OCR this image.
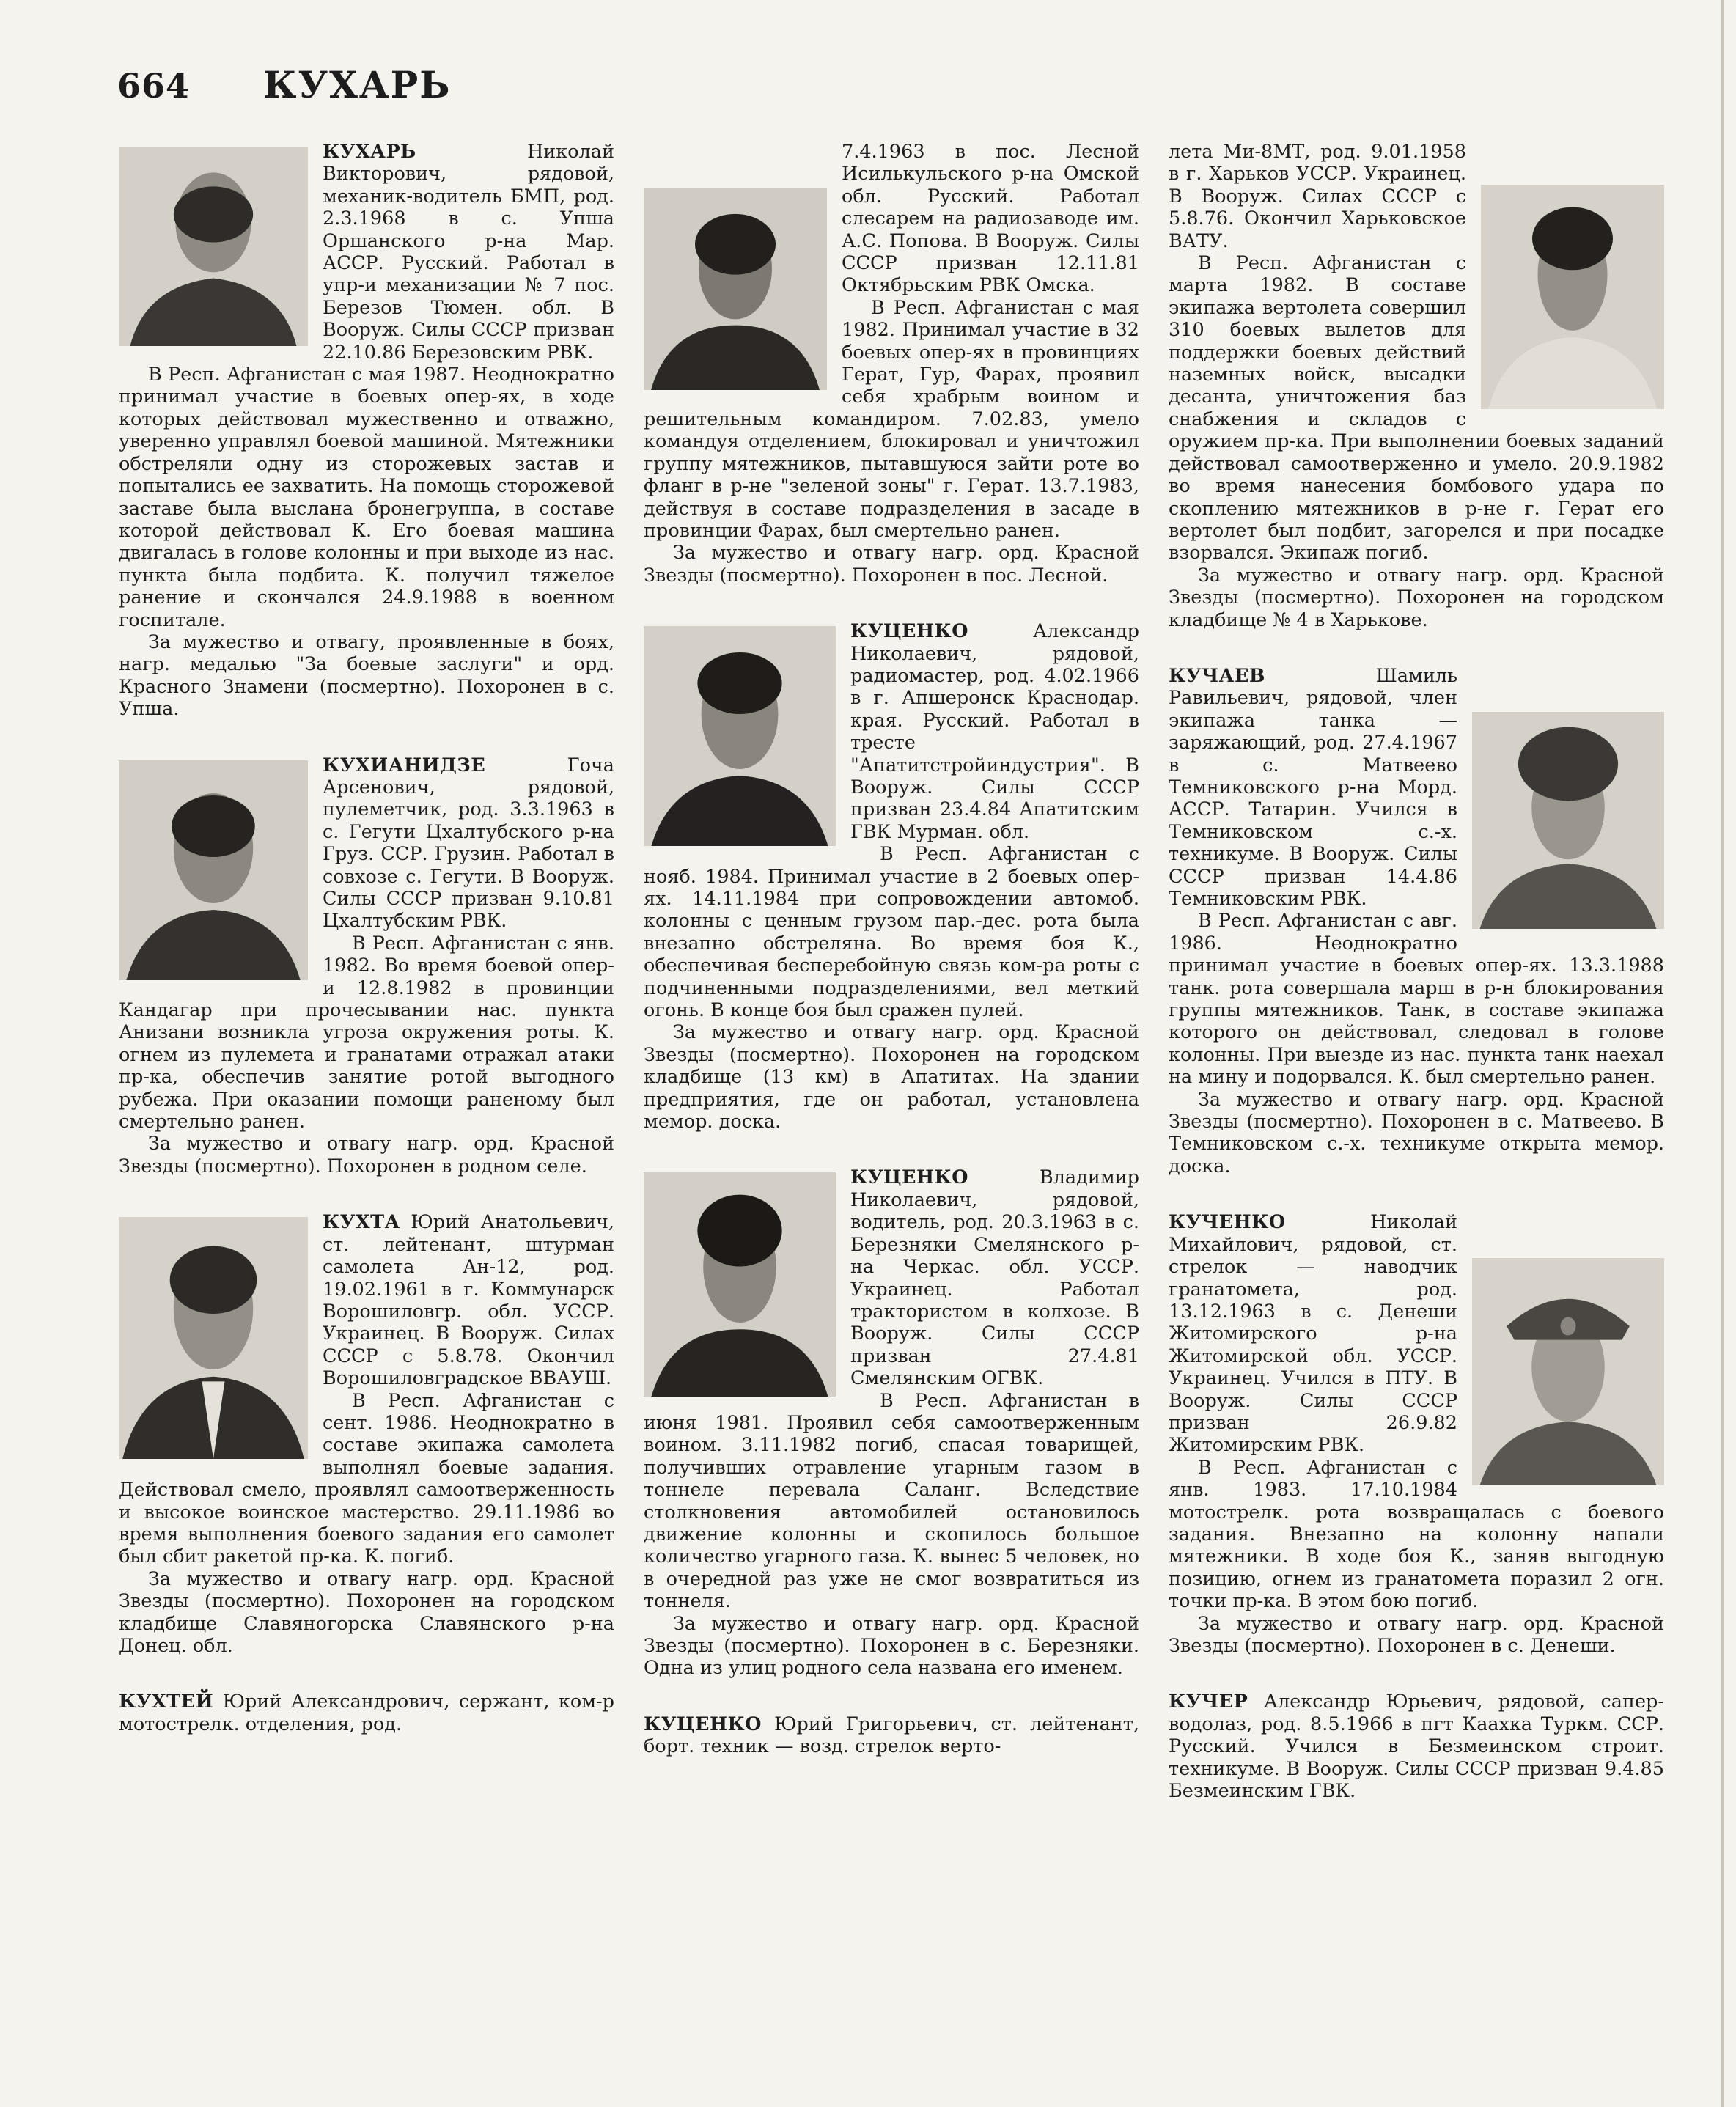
664 КУХАРЬ

КУХАРЬ
Николай Викторович, рядовой, механик-водитель БМП, род. 2.3.1968 в с. Упша Оршанского р-на Мар. АССР. Русский. Работал в упр-и механизации № 7 пос. Березов Тюмен. обл. В Вооруж. Силы СССР призван 22.10.86 Березовским РВК.

В Респ. Афганистан с мая 1987. Неоднократно принимал участие в боевых опер-ях, в ходе которых действовал мужественно и отважно, уверенно управлял боевой машиной. Мятежники обстреляли одну из сторожевых застав и попытались ее захватить. На помощь сторожевой заставе была выслана бронегруппа, в составе которой действовал К. Его боевая машина двигалась в голове колонны и при выходе из нас. пункта была подбита. К. получил тяжелое ранение и скончался 24.9.1988 в военном госпитале.

За мужество и отвагу, проявленные в боях, нагр. медалью "За боевые заслуги" и орд. Красного Знамени (посмертно). Похоронен в с. Упша.

КУХИАНИДЗЕ
Гоча Арсенович, рядовой, пулеметчик, род. 3.3.1963 в с. Гегути Цхалтубского р-на Груз. ССР. Грузин. Работал в совхозе с. Гегути. В Вооруж. Силы СССР призван 9.10.81 Цхалтубским РВК.

В Респ. Афганистан с янв. 1982. Во время боевой опер-и 12.8.1982 в провинции Кандагар при прочесывании нас. пункта Анизани возникла угроза окружения роты. К. огнем из пулемета и гранатами отражал атаки пр-ка, обеспечив занятие ротой выгодного рубежа. При оказании помощи раненому был смертельно ранен.

За мужество и отвагу нагр. орд. Красной Звезды (посмертно). Похоронен в родном селе.

КУХТА
Юрий Анатольевич, ст. лейтенант, штурман самолета Ан-12, род. 19.02.1961 в г. Коммунарск Ворошиловгр. обл. УССР. Украинец. В Вооруж. Силах СССР с 5.8.78. Окончил Ворошиловградское ВВАУШ.

В Респ. Афганистан с сент. 1986. Неоднократно в составе экипажа самолета выполнял боевые задания. Действовал смело, проявлял самоотверженность и высокое воинское мастерство. 29.11.1986 во время выполнения боевого задания его самолет был сбит ракетой пр-ка. К. погиб.

За мужество и отвагу нагр. орд. Красной Звезды (посмертно). Похоронен на городском кладбище Славяногорска Славянского р-на Донец. обл.

КУХТЕЙ Юрий Александрович, сержант, ком-р мотострелк. отделения, род.

7.4.1963 в пос. Лесной Исилькульского р-на Омской обл. Русский. Работал слесарем на радиозаводе им. А.С. Попова. В Вооруж. Силы СССР призван 12.11.81 Октябрьским РВК Омска.

В Респ. Афганистан с мая 1982. Принимал участие в 32 боевых опер-ях в провинциях Герат, Гур, Фарах, проявил себя храбрым воином и решительным командиром. 7.02.83, умело командуя отделением, блокировал и уничтожил группу мятежников, пытавшуюся зайти роте во фланг в р-не "зеленой зоны" г. Герат. 13.7.1983, действуя в составе подразделения в засаде в провинции Фарах, был смертельно ранен.

За мужество и отвагу нагр. орд. Красной Звезды (посмертно). Похоронен в пос. Лесной.

КУЦЕНКО
Александр Николаевич, рядовой, радиомастер, род. 4.02.1966 в г. Апшеронск Краснодар. края. Русский. Работал в тресте "Апатитстройиндустрия". В Вооруж. Силы СССР призван 23.4.84 Апатитским ГВК Мурман. обл.

В Респ. Афганистан с нояб. 1984. Принимал участие в 2 боевых опер-ях. 14.11.1984 при сопровождении автомоб. колонны с ценным грузом пар.-дес. рота была внезапно обстреляна. Во время боя К., обеспечивая бесперебойную связь ком-ра роты с подчиненными подразделениями, вел меткий огонь. В конце боя был сражен пулей.

За мужество и отвагу нагр. орд. Красной Звезды (посмертно). Похоронен на городском кладбище (13 км) в Апатитах. На здании предприятия, где он работал, установлена мемор. доска.

КУЦЕНКО
Владимир Николаевич, рядовой, водитель, род. 20.3.1963 в с. Березняки Смелянского р-на Черкас. обл. УССР. Украинец. Работал трактористом в колхозе. В Вооруж. Силы СССР призван 27.4.81 Смелянским ОГВК.

В Респ. Афганистан в июня 1981. Проявил себя самоотверженным воином. 3.11.1982 погиб, спасая товарищей, получивших отравление угарным газом в тоннеле перевала Саланг. Вследствие столкновения автомобилей остановилось движение колонны и скопилось большое количество угарного газа. К. вынес 5 человек, но в очередной раз уже не смог возвратиться из тоннеля.

За мужество и отвагу нагр. орд. Красной Звезды (посмертно). Похоронен в с. Березняки. Одна из улиц родного села названа его именем.

КУЦЕНКО Юрий Григорьевич, ст. лейтенант, борт. техник — возд. стрелок верто-

лета Ми-8МТ, род. 9.01.1958 в г. Харьков УССР. Украинец. В Вооруж. Силах СССР с 5.8.76. Окончил Харьковское ВАТУ.

В Респ. Афганистан с марта 1982. В составе экипажа вертолета совершил 310 боевых вылетов для поддержки боевых действий наземных войск, высадки десанта, уничтожения баз снабжения и складов с оружием пр-ка. При выполнении боевых заданий действовал самоотверженно и умело. 20.9.1982 во время нанесения бомбового удара по скоплению мятежников в р-не г. Герат его вертолет был подбит, загорелся и при посадке взорвался. Экипаж погиб.

За мужество и отвагу нагр. орд. Красной Звезды (посмертно). Похоронен на городском кладбище № 4 в Харькове.

КУЧАЕВ
Шамиль Равильевич, рядовой, член экипажа танка — заряжающий, род. 27.4.1967 в с. Матвеево Темниковского р-на Морд. АССР. Татарин. Учился в Темниковском с.-х. техникуме. В Вооруж. Силы СССР призван 14.4.86 Темниковским РВК.

В Респ. Афганистан с авг. 1986. Неоднократно принимал участие в боевых опер-ях. 13.3.1988 танк. рота совершала марш в р-н блокирования группы мятежников. Танк, в составе экипажа которого он действовал, следовал в голове колонны. При выезде из нас. пункта танк наехал на мину и подорвался. К. был смертельно ранен.

За мужество и отвагу нагр. орд. Красной Звезды (посмертно). Похоронен в с. Матвеево. В Темниковском с.-х. техникуме открыта мемор. доска.

КУЧЕНКО
Николай Михайлович, рядовой, ст. стрелок — наводчик гранатомета, род. 13.12.1963 в с. Денеши Житомирского р-на Житомирской обл. УССР. Украинец. Учился в ПТУ. В Вооруж. Силы СССР призван 26.9.82 Житомирским РВК.

В Респ. Афганистан с янв. 1983. 17.10.1984 мотострелк. рота возвращалась с боевого задания. Внезапно на колонну напали мятежники. В ходе боя К., заняв выгодную позицию, огнем из гранатомета поразил 2 огн. точки пр-ка. В этом бою погиб.

За мужество и отвагу нагр. орд. Красной Звезды (посмертно). Похоронен в с. Денеши.

КУЧЕР Александр Юрьевич, рядовой, сапер-водолаз, род. 8.5.1966 в пгт Каахка Туркм. ССР. Русский. Учился в Безмеинском строит. техникуме. В Вооруж. Силы СССР призван 9.4.85 Безмеинским ГВК.
